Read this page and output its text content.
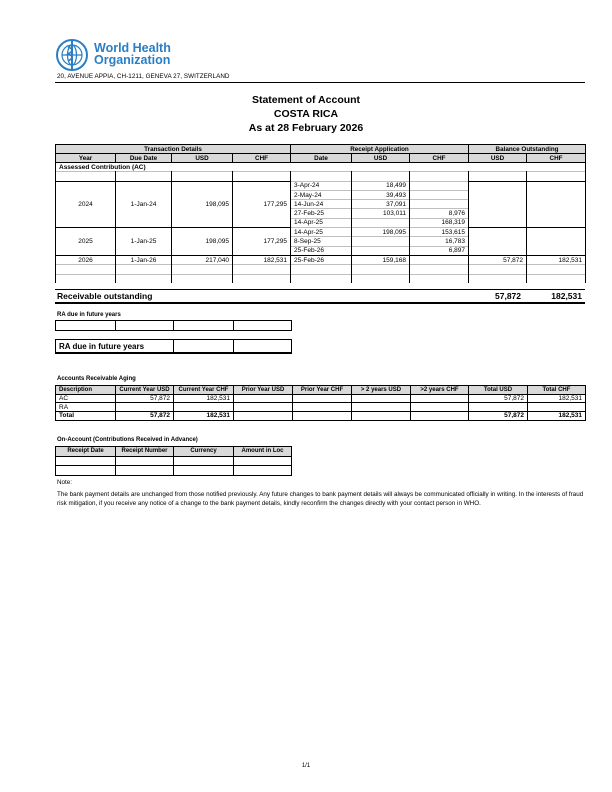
World Health
Organization
20, AVENUE APPIA, CH-1211, GENEVA 27, SWITZERLAND
Statement of Account
COSTA RICA
As at 28 February 2026
Transaction Details				Receipt Application			Balance Outstanding	
Year	Due Date	USD	CHF	Date	USD	CHF	USD	CHF
Assessed Contribution (AC)								

2024	1-Jan-24	198,095	177,295	3-Apr-24	18,499			
				2-May-24	39,493			
				14-Jun-24	37,091			
				27-Feb-25	103,011	8,976		
				14-Apr-25		168,319		
2025	1-Jan-25	198,095	177,295	14-Apr-25	198,095	153,615		
				8-Sep-25		16,783		
				25-Feb-26		6,897		
2026	1-Jan-26	217,040	182,531	25-Feb-26	159,168		57,872	182,531

Receivable outstanding	57,872	182,531
RA due in future years

RA due in future years		
Accounts Receivable Aging
Description	Current Year USD	Current Year CHF	Prior Year USD	Prior Year CHF	> 2 years USD	>2 years CHF	Total USD	Total CHF
AC	57,872	182,531					57,872	182,531
RA								
Total	57,872	182,531					57,872	182,531
On-Account (Contributions Received in Advance)
Receipt Date	Receipt Number	Currency	Amount in Loc

Note:
The bank payment details are unchanged from those notified previously. Any future changes to bank payment details will always be communicated officially in writing. In the interests of fraud risk mitigation, if you receive any notice of a change to the bank payment details, kindly reconfirm the changes directly with your contact person in WHO.
1/1
